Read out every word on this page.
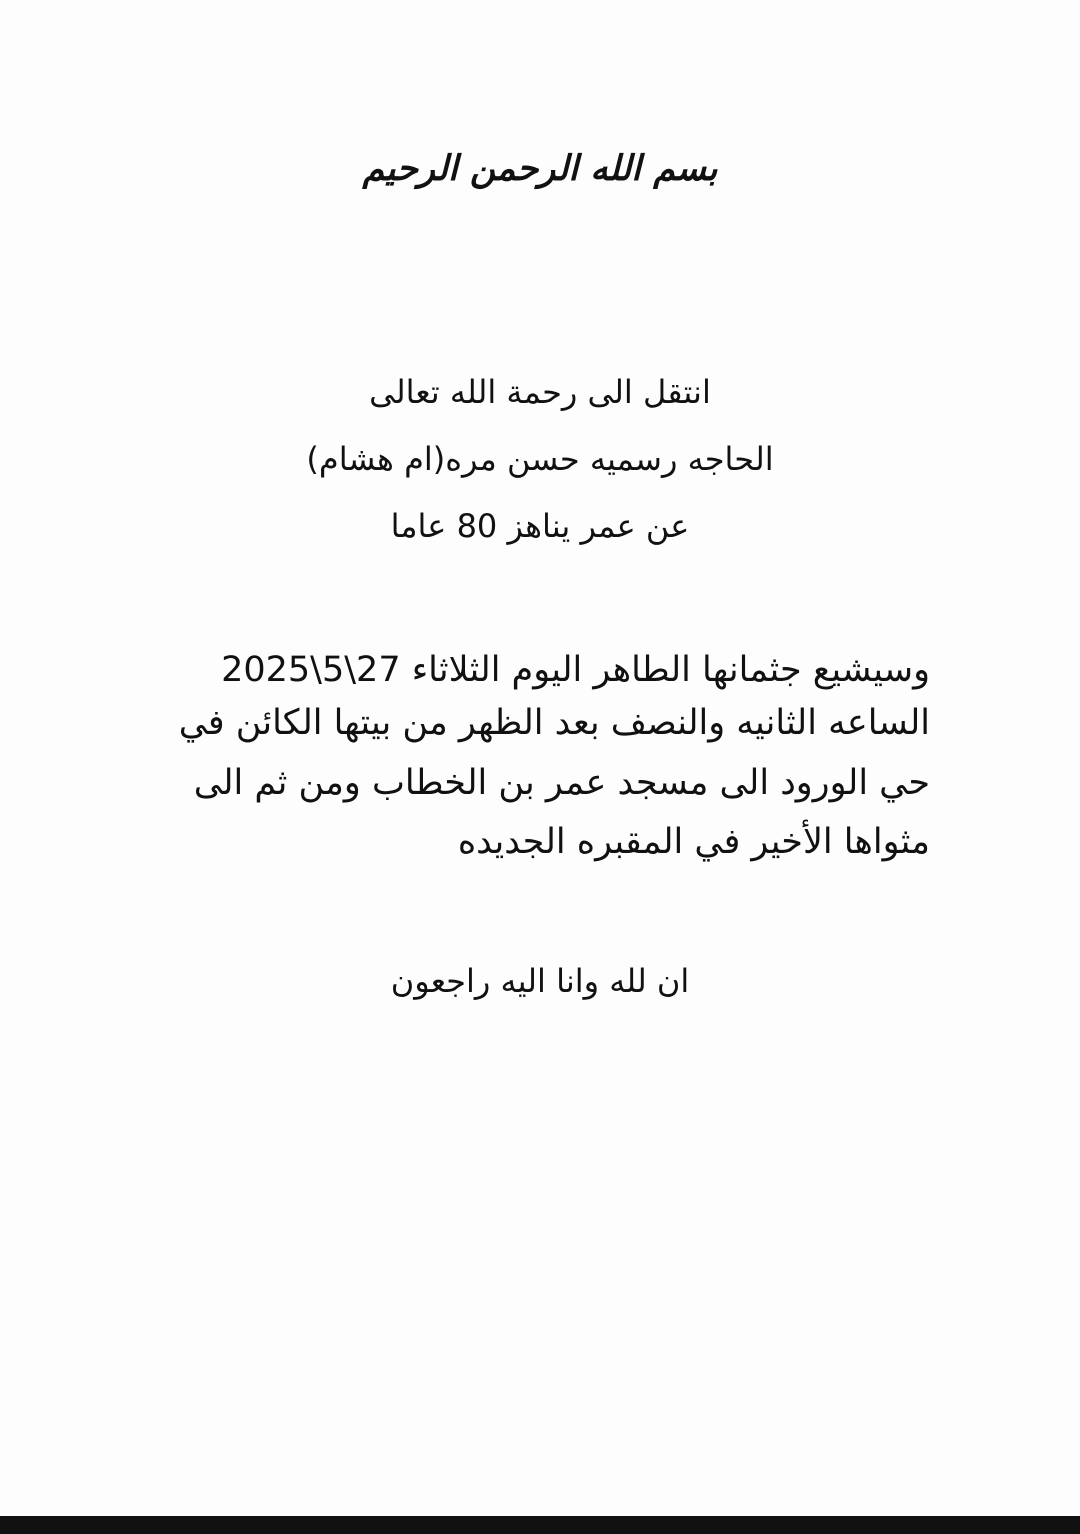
بسم الله الرحمن الرحيم

انتقل الى رحمة الله تعالى

الحاجه رسميه حسن مره(ام هشام)

عن عمر يناهز 80 عاما

وسيشيع جثمانها الطاهر اليوم الثلاثاء 27\5\2025

الساعه الثانيه والنصف بعد الظهر من بيتها الكائن في

حي الورود الى مسجد عمر بن الخطاب ومن ثم الى

مثواها الأخير في المقبره الجديده

ان لله وانا اليه راجعون
